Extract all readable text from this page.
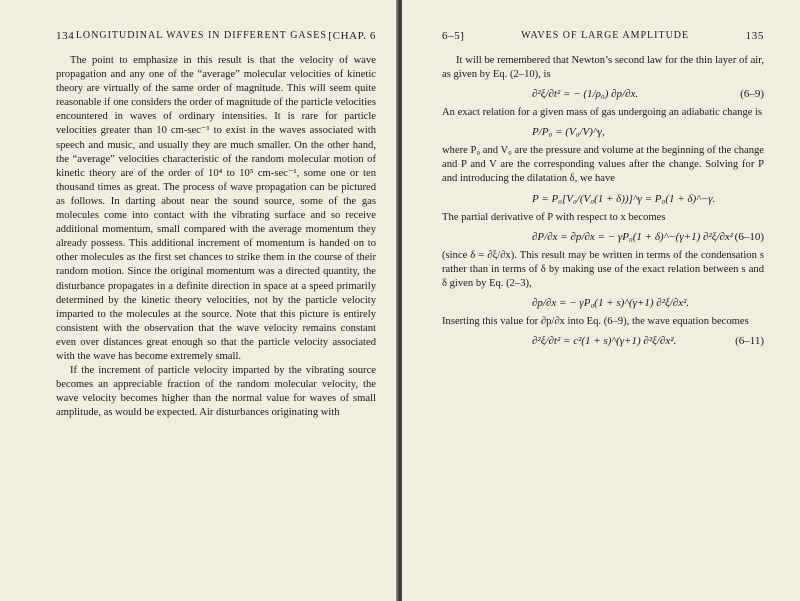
134 LONGITUDINAL WAVES IN DIFFERENT GASES [CHAP. 6

The point to emphasize in this result is that the velocity of wave propagation and any one of the “average” molecular velocities of kinetic theory are virtually of the same order of magnitude. This will seem quite reasonable if one considers the order of magnitude of the particle velocities encountered in waves of ordinary intensities. It is rare for particle velocities greater than 10 cm-sec⁻¹ to exist in the waves associated with speech and music, and usually they are much smaller. On the other hand, the “average” velocities characteristic of the random molecular motion of kinetic theory are of the order of 10⁴ to 10⁵ cm-sec⁻¹, some one or ten thousand times as great. The process of wave propagation can be pictured as follows. In darting about near the sound source, some of the gas molecules come into contact with the vibrating surface and so receive additional momentum, small compared with the average momentum they already possess. This additional increment of momentum is handed on to other molecules as the first set chances to strike them in the course of their random motion. Since the original momentum was a directed quantity, the disturbance propagates in a definite direction in space at a speed primarily determined by the kinetic theory velocities, not by the particle velocity imparted to the molecules at the source. Note that this picture is entirely consistent with the observation that the wave velocity remains constant even over distances great enough so that the particle velocity associated with the wave has become extremely small.

If the increment of particle velocity imparted by the vibrating source becomes an appreciable fraction of the random molecular velocity, the wave velocity becomes higher than the normal value for waves of small amplitude, as would be expected. Air disturbances originating with

6–5]	WAVES OF LARGE AMPLITUDE	135

It will be remembered that Newton’s second law for the thin layer of air, as given by Eq. (2–10), is

∂²ξ/∂t² = − (1/ρ₀) ∂p/∂x.	(6–9)

An exact relation for a given mass of gas undergoing an adiabatic change is

P/P₀ = (V₀/V)^γ,

where P₀ and V₀ are the pressure and volume at the beginning of the change and P and V are the corresponding values after the change. Solving for P and introducing the dilatation δ, we have

P = P₀[V₀/(V₀(1 + δ))]^γ = P₀(1 + δ)^−γ.

The partial derivative of P with respect to x becomes

∂P/∂x = ∂p/∂x = − γP₀(1 + δ)^−(γ+1) ∂²ξ/∂x² (6–10)

(since δ = ∂ξ/∂x). This result may be written in terms of the condensation s rather than in terms of δ by making use of the exact relation between s and δ given by Eq. (2–3),

∂p/∂x = − γP₀(1 + s)^(γ+1) ∂²ξ/∂x².

Inserting this value for ∂p/∂x into Eq. (6–9), the wave equation becomes

∂²ξ/∂t² = c²(1 + s)^(γ+1) ∂²ξ/∂x².	(6–11)
